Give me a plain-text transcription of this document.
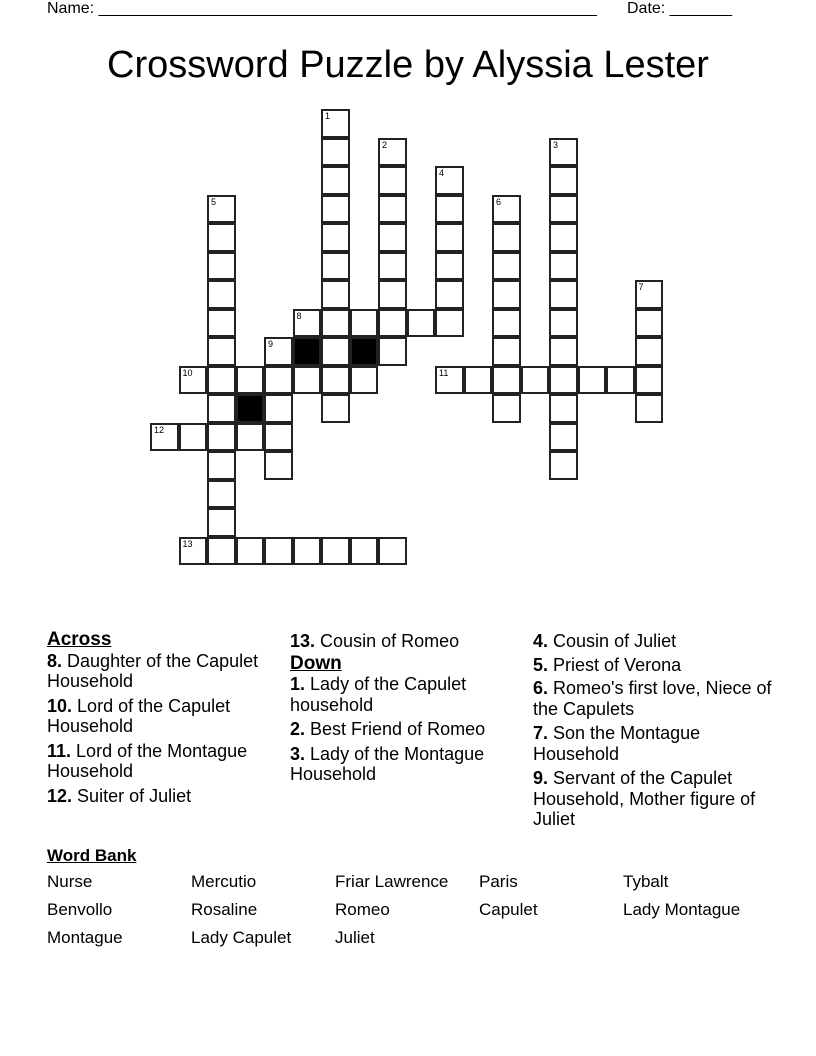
Name: ________________________________________________________ Date: _______
Crossword Puzzle by Alyssia Lester
1
2	3
4
5	6
7
8
9
10	11
12
13
Across
8. Daughter of the Capulet Household
10. Lord of the Capulet Household
11. Lord of the Montague Household
12. Suiter of Juliet
13. Cousin of Romeo
Down
1. Lady of the Capulet household
2. Best Friend of Romeo
3. Lady of the Montague Household
4. Cousin of Juliet
5. Priest of Verona
6. Romeo's first love, Niece of the Capulets
7. Son the Montague Household
9. Servant of the Capulet Household, Mother figure of Juliet
Word Bank
Nurse	Mercutio	Friar Lawrence	Paris	Tybalt
Benvollo	Rosaline	Romeo	Capulet	Lady Montague
Montague	Lady Capulet	Juliet
